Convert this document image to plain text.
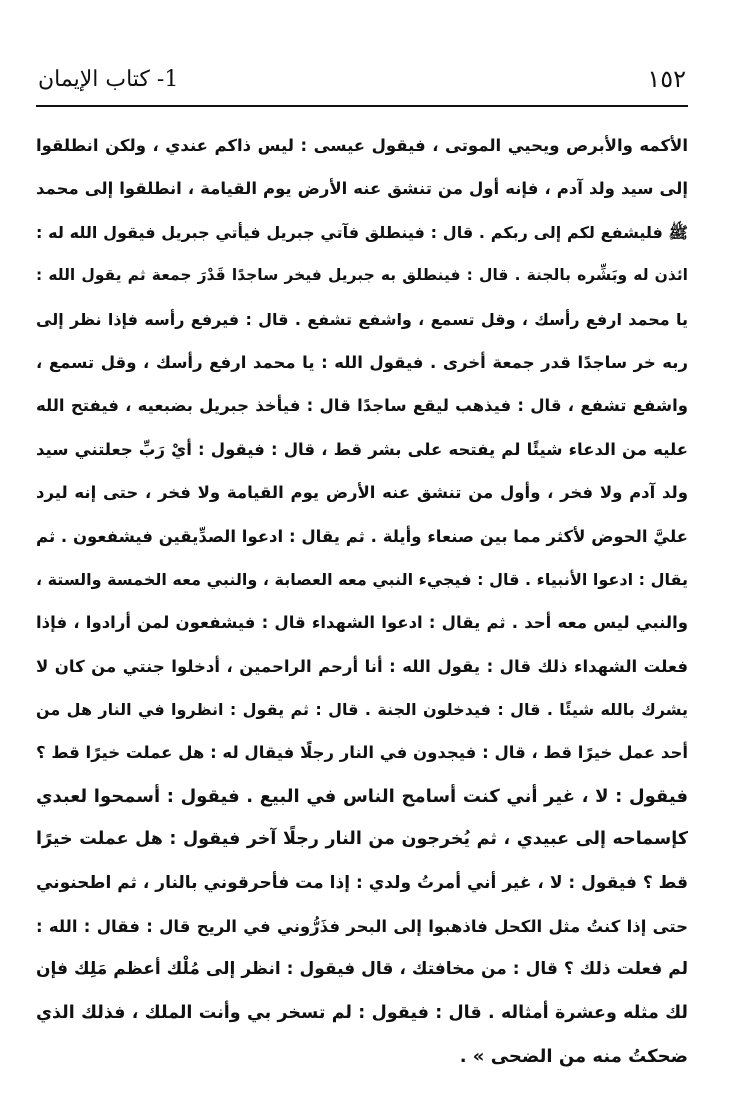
١٥٢
1- كتاب الإيمان
الأكمه والأبرص ويحيي الموتى ، فيقول عيسى : ليس ذاكم عندي ، ولكن انطلقوا
إلى سيد ولد آدم ، فإنه أول من تنشق عنه الأرض يوم القيامة ، انطلقوا إلى محمد
ﷺ فليشفع لكم إلى ربكم . قال : فينطلق فآتي جبريل فيأتي جبريل فيقول الله له :
ائذن له وبَشِّره بالجنة . قال : فينطلق به جبريل فيخر ساجدًا قَدْرَ جمعة ثم يقول الله :
يا محمد ارفع رأسك ، وقل تسمع ، واشفع تشفع . قال : فيرفع رأسه فإذا نظر إلى
ربه خر ساجدًا قدر جمعة أخرى . فيقول الله : يا محمد ارفع رأسك ، وقل تسمع ،
واشفع تشفع ، قال : فيذهب ليقع ساجدًا قال : فيأخذ جبريل بضبعيه ، فيفتح الله
عليه من الدعاء شيئًا لم يفتحه على بشر قط ، قال : فيقول : أيْ رَبِّ جعلتني سيد
ولد آدم ولا فخر ، وأول من تنشق عنه الأرض يوم القيامة ولا فخر ، حتى إنه ليرد
عليَّ الحوض لأكثر مما بين صنعاء وأيلة . ثم يقال : ادعوا الصدِّيقين فيشفعون . ثم
يقال : ادعوا الأنبياء . قال : فيجيء النبي معه العصابة ، والنبي معه الخمسة والستة ،
والنبي ليس معه أحد . ثم يقال : ادعوا الشهداء قال : فيشفعون لمن أرادوا ، فإذا
فعلت الشهداء ذلك قال : يقول الله : أنا أرحم الراحمين ، أدخلوا جنتي من كان لا
يشرك بالله شيئًا . قال : فيدخلون الجنة . قال : ثم يقول : انظروا في النار هل من
أحد عمل خيرًا قط ، قال : فيجدون في النار رجلًا فيقال له : هل عملت خيرًا قط ؟
فيقول : لا ، غير أني كنت أسامح الناس في البيع . فيقول : أسمحوا لعبدي
كإسماحه إلى عبيدي ، ثم يُخرجون من النار رجلًا آخر فيقول : هل عملت خيرًا
قط ؟ فيقول : لا ، غير أني أمرتُ ولدي : إذا مت فأحرقوني بالنار ، ثم اطحنوني
حتى إذا كنتُ مثل الكحل فاذهبوا إلى البحر فذَرُّوني في الريح قال : فقال : الله :
لم فعلت ذلك ؟ قال : من مخافتك ، قال فيقول : انظر إلى مُلْك أعظم مَلِك فإن
لك مثله وعشرة أمثاله . قال : فيقول : لم تسخر بي وأنت الملك ، فذلك الذي
ضحكتُ منه من الضحى » .
